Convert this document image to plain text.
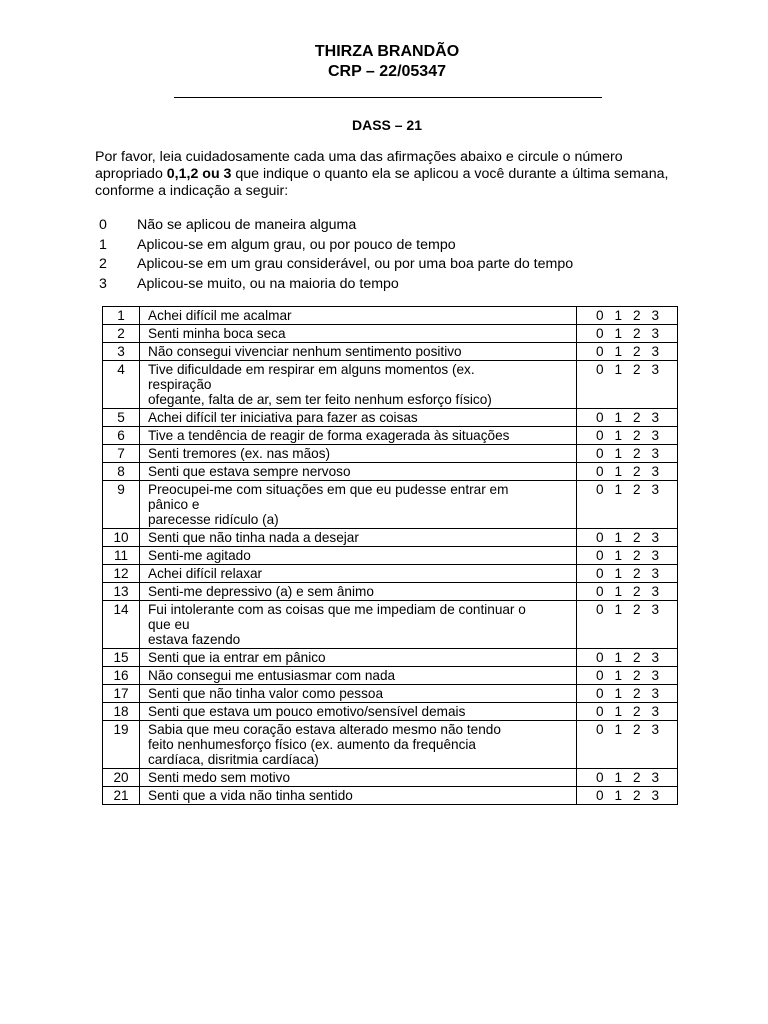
THIRZA BRANDÃO
CRP – 22/05347
DASS – 21
Por favor, leia cuidadosamente cada uma das afirmações abaixo e circule o número apropriado 0,1,2 ou 3 que indique o quanto ela se aplicou a você durante a última semana, conforme a indicação a seguir:
0 Não se aplicou de maneira alguma
1 Aplicou-se em algum grau, ou por pouco de tempo
2 Aplicou-se em um grau considerável, ou por uma boa parte do tempo
3 Aplicou-se muito, ou na maioria do tempo
1	Achei difícil me acalmar	0 1 2 3

2	Senti minha boca seca	0 1 2 3

3	Não consegui vivenciar nenhum sentimento positivo	0 1 2 3

4	Tive dificuldade em respirar em alguns momentos (ex.
respiração
ofegante, falta de ar, sem ter feito nenhum esforço físico)	0 1 2 3

5	Achei difícil ter iniciativa para fazer as coisas	0 1 2 3

6	Tive a tendência de reagir de forma exagerada às situações	0 1 2 3

7	Senti tremores (ex. nas mãos)	0 1 2 3

8	Senti que estava sempre nervoso	0 1 2 3

9	Preocupei-me com situações em que eu pudesse entrar em
pânico e
parecesse ridículo (a)	0 1 2 3

10	Senti que não tinha nada a desejar	0 1 2 3

11	Senti-me agitado	0 1 2 3

12	Achei difícil relaxar	0 1 2 3

13	Senti-me depressivo (a) e sem ânimo	0 1 2 3

14	Fui intolerante com as coisas que me impediam de continuar o
que eu
estava fazendo	0 1 2 3

15	Senti que ia entrar em pânico	0 1 2 3

16	Não consegui me entusiasmar com nada	0 1 2 3

17	Senti que não tinha valor como pessoa	0 1 2 3

18	Senti que estava um pouco emotivo/sensível demais	0 1 2 3

19	Sabia que meu coração estava alterado mesmo não tendo
feito nenhumesforço físico (ex. aumento da frequência
cardíaca, disritmia cardíaca)	0 1 2 3

20	Senti medo sem motivo	0 1 2 3

21	Senti que a vida não tinha sentido	0 1 2 3
